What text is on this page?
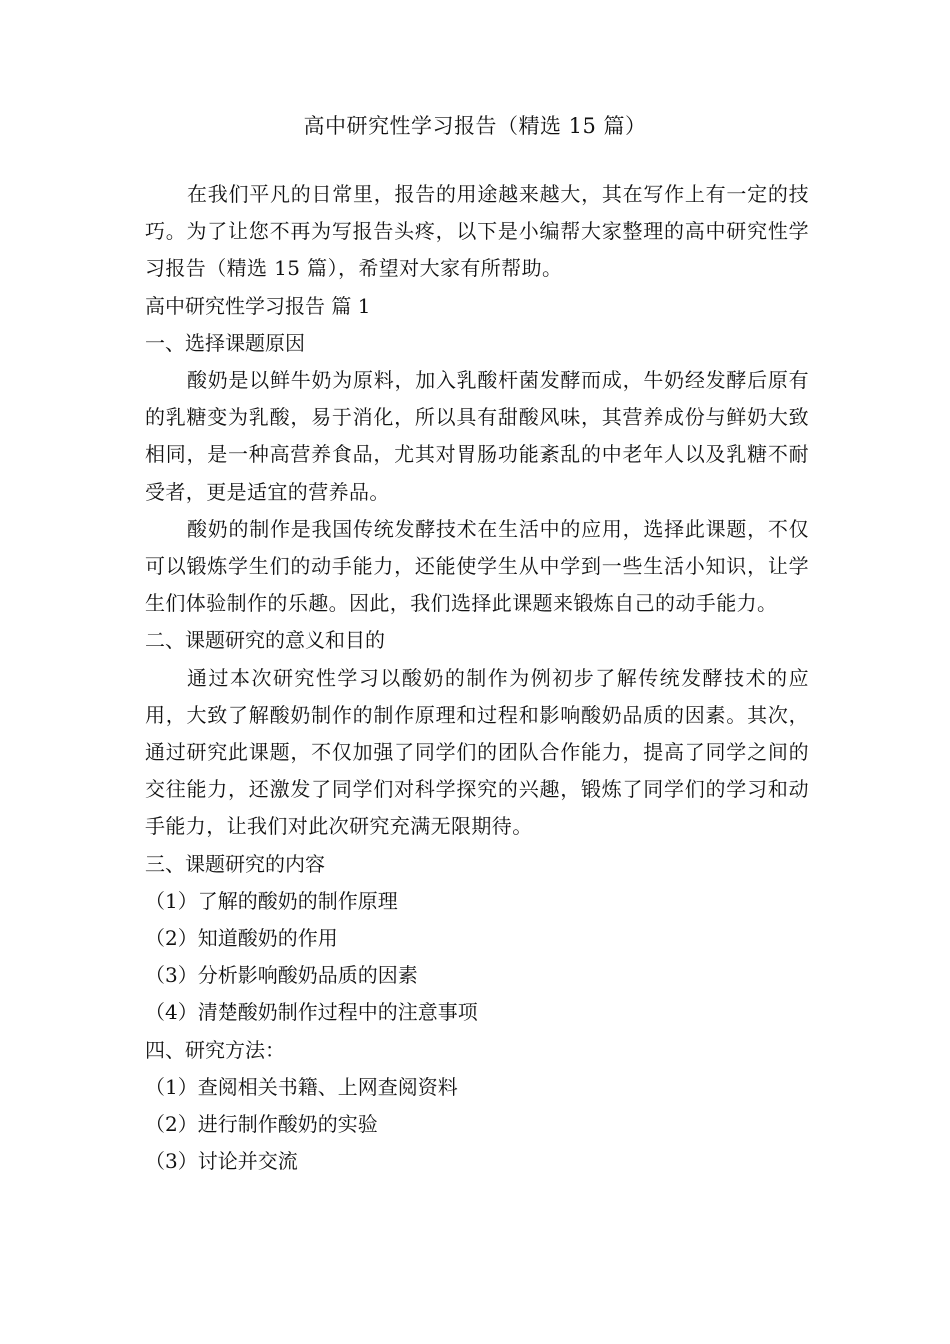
高中研究性学习报告（精选 15 篇）

在我们平凡的日常里，报告的用途越来越大，其在写作上有一定的技巧。为了让您不再为写报告头疼，以下是小编帮大家整理的高中研究性学习报告（精选 15 篇），希望对大家有所帮助。

高中研究性学习报告 篇 1

一、选择课题原因

酸奶是以鲜牛奶为原料，加入乳酸杆菌发酵而成，牛奶经发酵后原有的乳糖变为乳酸，易于消化，所以具有甜酸风味，其营养成份与鲜奶大致相同，是一种高营养食品，尤其对胃肠功能紊乱的中老年人以及乳糖不耐受者，更是适宜的营养品。

酸奶的制作是我国传统发酵技术在生活中的应用，选择此课题，不仅可以锻炼学生们的动手能力，还能使学生从中学到一些生活小知识，让学生们体验制作的乐趣。因此，我们选择此课题来锻炼自己的动手能力。

二、课题研究的意义和目的

通过本次研究性学习以酸奶的制作为例初步了解传统发酵技术的应用，大致了解酸奶制作的制作原理和过程和影响酸奶品质的因素。其次，通过研究此课题，不仅加强了同学们的团队合作能力，提高了同学之间的交往能力，还激发了同学们对科学探究的兴趣，锻炼了同学们的学习和动手能力，让我们对此次研究充满无限期待。

三、课题研究的内容

（1）了解的酸奶的制作原理

（2）知道酸奶的作用

（3）分析影响酸奶品质的因素

（4）清楚酸奶制作过程中的注意事项

四、研究方法：

（1）查阅相关书籍、上网查阅资料

（2）进行制作酸奶的实验

（3）讨论并交流
